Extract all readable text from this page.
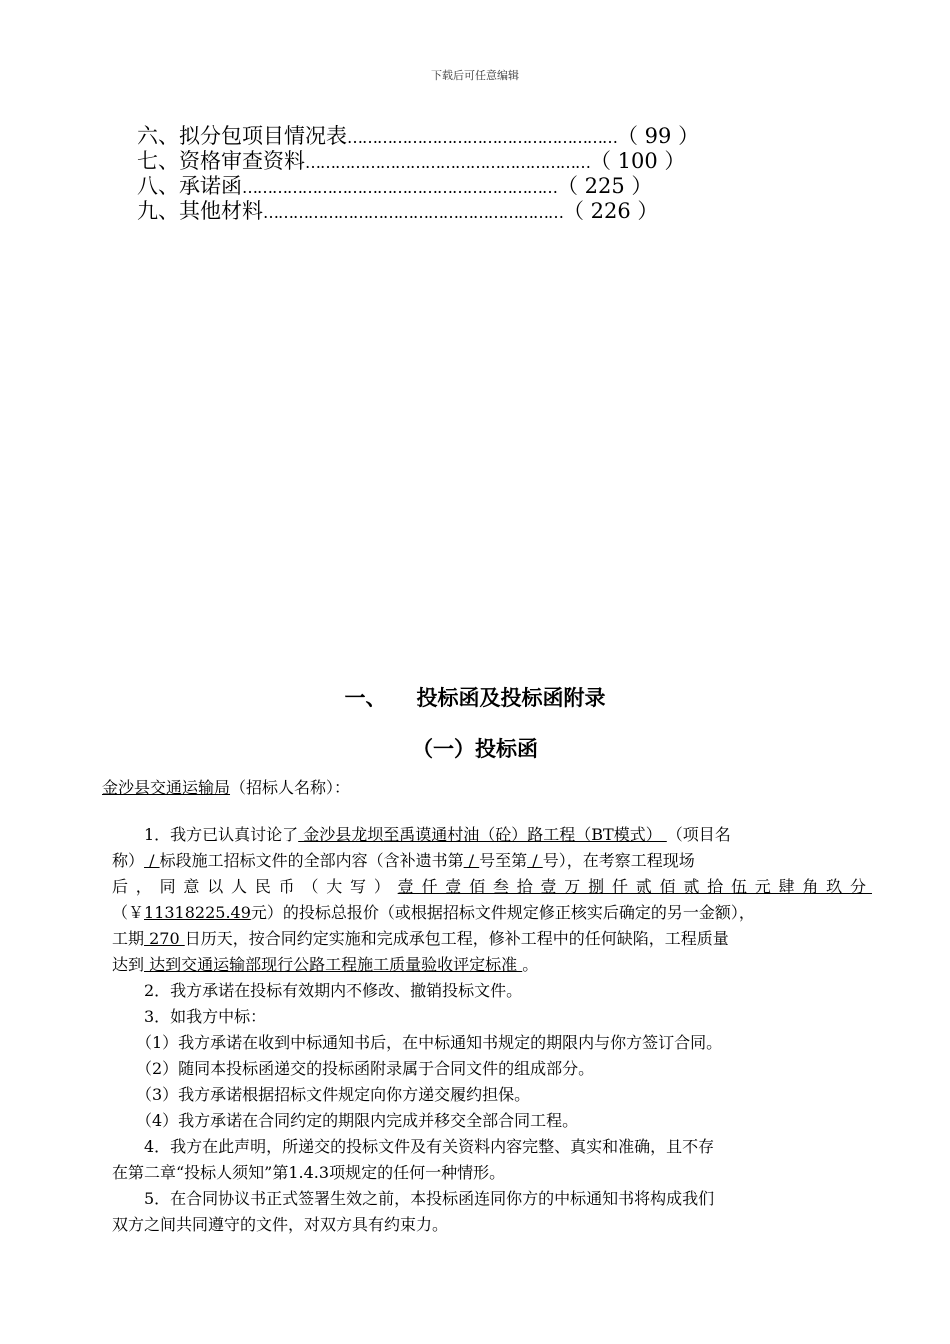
下载后可任意编辑
六、拟分包项目情况表………………………………………………（ 99 ）
七、资格审查资料…………………………………………………（ 100 ）
八、承诺函………………………………………………………（ 225 ）
九、其他材料……………………………………………………（ 226 ）
一、 投标函及投标函附录
（一）投标函
金沙县交通运输局（招标人名称）：
1．我方已认真讨论了 金沙县龙坝至禹谟通村油（砼）路工程（BT模式） （项目名
称） / 标段施工招标文件的全部内容（含补遗书第 / 号至第 / 号），在考察工程现场
后，同意以人民币（大写）壹仟壹佰叁拾壹万捌仟贰佰贰拾伍元肆角玖分
（￥11318225.49元）的投标总报价（或根据招标文件规定修正核实后确定的另一金额），
工期 270 日历天，按合同约定实施和完成承包工程，修补工程中的任何缺陷，工程质量
达到 达到交通运输部现行公路工程施工质量验收评定标准 。
2．我方承诺在投标有效期内不修改、撤销投标文件。
3．如我方中标：
（1）我方承诺在收到中标通知书后，在中标通知书规定的期限内与你方签订合同。
（2）随同本投标函递交的投标函附录属于合同文件的组成部分。
（3）我方承诺根据招标文件规定向你方递交履约担保。
（4）我方承诺在合同约定的期限内完成并移交全部合同工程。
4．我方在此声明，所递交的投标文件及有关资料内容完整、真实和准确，且不存
在第二章“投标人须知”第1.4.3项规定的任何一种情形。
5．在合同协议书正式签署生效之前，本投标函连同你方的中标通知书将构成我们
双方之间共同遵守的文件，对双方具有约束力。
